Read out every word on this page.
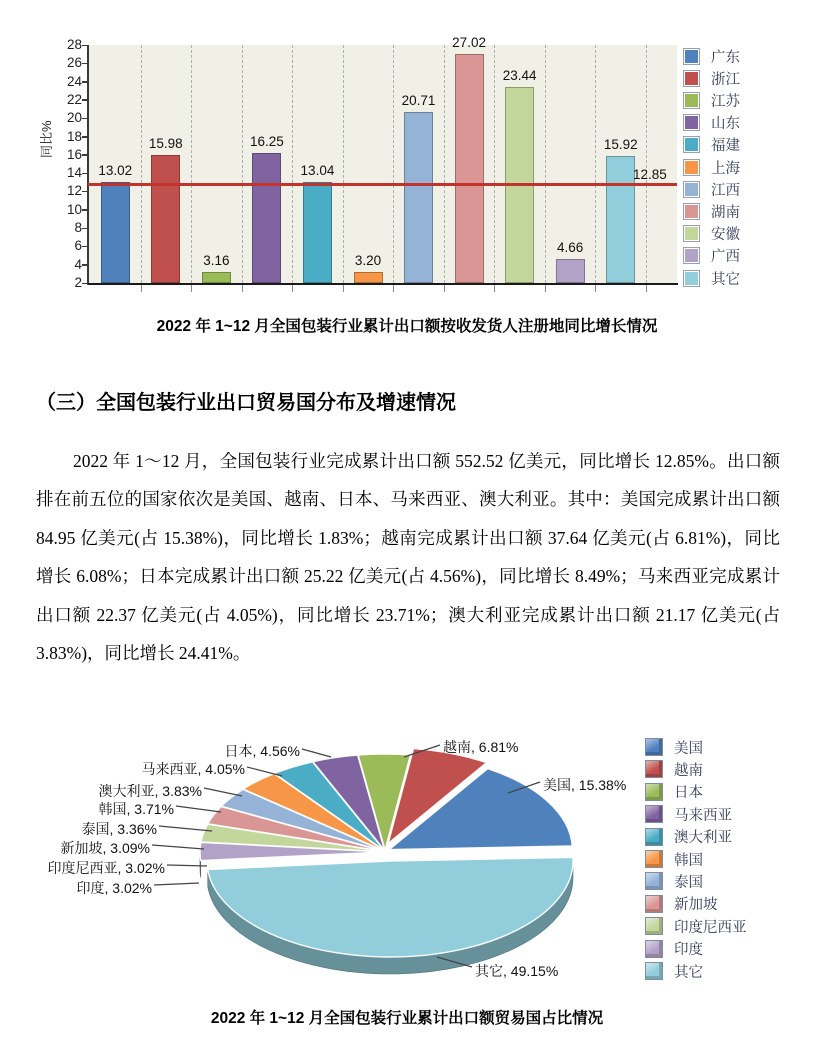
同比%
2
4
6
8
10
12
14
16
18
20
22
24
26
28
13.02
15.98
3.16
16.25
13.04
3.20
20.71
27.02
23.44
4.66
15.92
12.85
广东
浙江
江苏
山东
福建
上海
江西
湖南
安徽
广西
其它
2022 年 1~12 月全国包装行业累计出口额按收发货人注册地同比增长情况
（三）全国包装行业出口贸易国分布及增速情况

2022 年 1～12 月，全国包装行业完成累计出口额 552.52 亿美元，同比增长 12.85%。出口额排在前五位的国家依次是美国、越南、日本、马来西亚、澳大利亚。其中：美国完成累计出口额 84.95 亿美元(占 15.38%)，同比增长 1.83%；越南完成累计出口额 37.64 亿美元(占 6.81%)，同比增长 6.08%；日本完成累计出口额 25.22 亿美元(占 4.56%)，同比增长 8.49%；马来西亚完成累计出口额 22.37 亿美元(占 4.05%)，同比增长 23.71%；澳大利亚完成累计出口额 21.17 亿美元(占 3.83%)，同比增长 24.41%。

美国, 15.38%
越南, 6.81%
日本, 4.56%
马来西亚, 4.05%
澳大利亚, 3.83%
韩国, 3.71%
泰国, 3.36%
新加坡, 3.09%
印度尼西亚, 3.02%
印度, 3.02%
其它, 49.15%
美国
越南
日本
马来西亚
澳大利亚
韩国
泰国
新加坡
印度尼西亚
印度
其它
2022 年 1~12 月全国包装行业累计出口额贸易国占比情况
